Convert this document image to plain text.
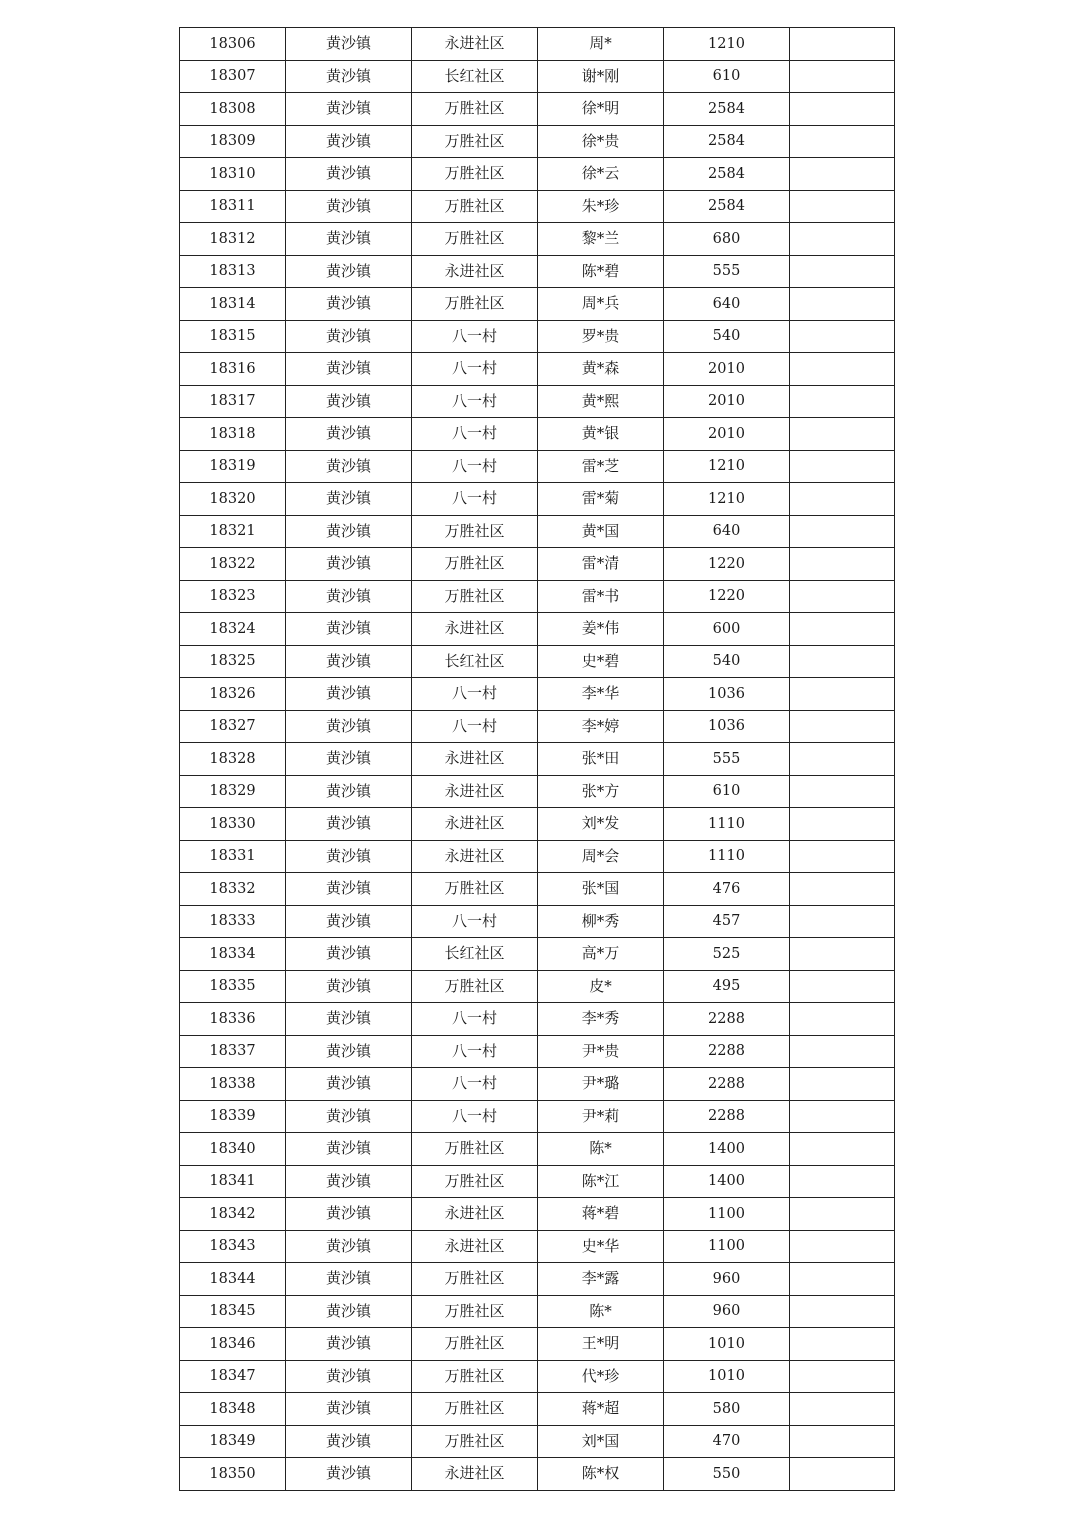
18306	黄沙镇	永进社区	周*	1210	
18307	黄沙镇	长红社区	谢*刚	610	
18308	黄沙镇	万胜社区	徐*明	2584	
18309	黄沙镇	万胜社区	徐*贵	2584	
18310	黄沙镇	万胜社区	徐*云	2584	
18311	黄沙镇	万胜社区	朱*珍	2584	
18312	黄沙镇	万胜社区	黎*兰	680	
18313	黄沙镇	永进社区	陈*碧	555	
18314	黄沙镇	万胜社区	周*兵	640	
18315	黄沙镇	八一村	罗*贵	540	
18316	黄沙镇	八一村	黄*森	2010	
18317	黄沙镇	八一村	黄*熙	2010	
18318	黄沙镇	八一村	黄*银	2010	
18319	黄沙镇	八一村	雷*芝	1210	
18320	黄沙镇	八一村	雷*菊	1210	
18321	黄沙镇	万胜社区	黄*国	640	
18322	黄沙镇	万胜社区	雷*清	1220	
18323	黄沙镇	万胜社区	雷*书	1220	
18324	黄沙镇	永进社区	姜*伟	600	
18325	黄沙镇	长红社区	史*碧	540	
18326	黄沙镇	八一村	李*华	1036	
18327	黄沙镇	八一村	李*婷	1036	
18328	黄沙镇	永进社区	张*田	555	
18329	黄沙镇	永进社区	张*方	610	
18330	黄沙镇	永进社区	刘*发	1110	
18331	黄沙镇	永进社区	周*会	1110	
18332	黄沙镇	万胜社区	张*国	476	
18333	黄沙镇	八一村	柳*秀	457	
18334	黄沙镇	长红社区	高*万	525	
18335	黄沙镇	万胜社区	皮*	495	
18336	黄沙镇	八一村	李*秀	2288	
18337	黄沙镇	八一村	尹*贵	2288	
18338	黄沙镇	八一村	尹*璐	2288	
18339	黄沙镇	八一村	尹*莉	2288	
18340	黄沙镇	万胜社区	陈*	1400	
18341	黄沙镇	万胜社区	陈*江	1400	
18342	黄沙镇	永进社区	蒋*碧	1100	
18343	黄沙镇	永进社区	史*华	1100	
18344	黄沙镇	万胜社区	李*露	960	
18345	黄沙镇	万胜社区	陈*	960	
18346	黄沙镇	万胜社区	王*明	1010	
18347	黄沙镇	万胜社区	代*珍	1010	
18348	黄沙镇	万胜社区	蒋*超	580	
18349	黄沙镇	万胜社区	刘*国	470	
18350	黄沙镇	永进社区	陈*权	550	
